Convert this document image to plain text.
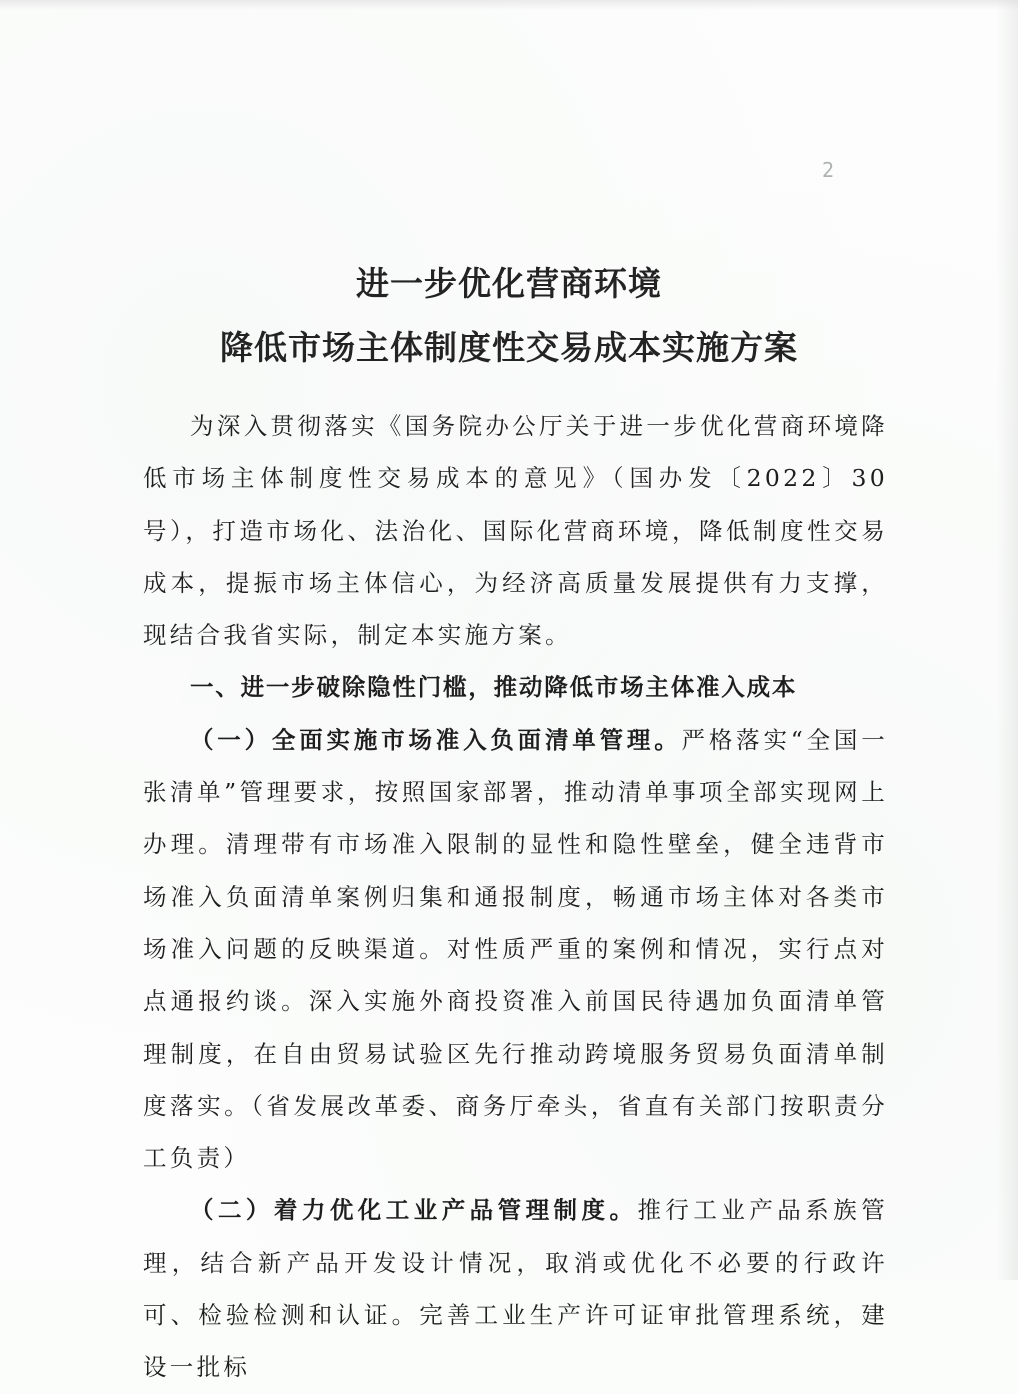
2
进一步优化营商环境
降低市场主体制度性交易成本实施方案

为深入贯彻落实《国务院办公厅关于进一步优化营商环境降低市场主体制度性交易成本的意见》（国办发〔2022〕30号），打造市场化、法治化、国际化营商环境，降低制度性交易成本，提振市场主体信心，为经济高质量发展提供有力支撑，现结合我省实际，制定本实施方案。

一、进一步破除隐性门槛，推动降低市场主体准入成本

（一）全面实施市场准入负面清单管理。严格落实“全国一张清单”管理要求，按照国家部署，推动清单事项全部实现网上办理。清理带有市场准入限制的显性和隐性壁垒，健全违背市场准入负面清单案例归集和通报制度，畅通市场主体对各类市场准入问题的反映渠道。对性质严重的案例和情况，实行点对点通报约谈。深入实施外商投资准入前国民待遇加负面清单管理制度，在自由贸易试验区先行推动跨境服务贸易负面清单制度落实。（省发展改革委、商务厅牵头，省直有关部门按职责分工负责）

（二）着力优化工业产品管理制度。推行工业产品系族管理，结合新产品开发设计情况，取消或优化不必要的行政许可、检验检测和认证。完善工业生产许可证审批管理系统，建设一批标
